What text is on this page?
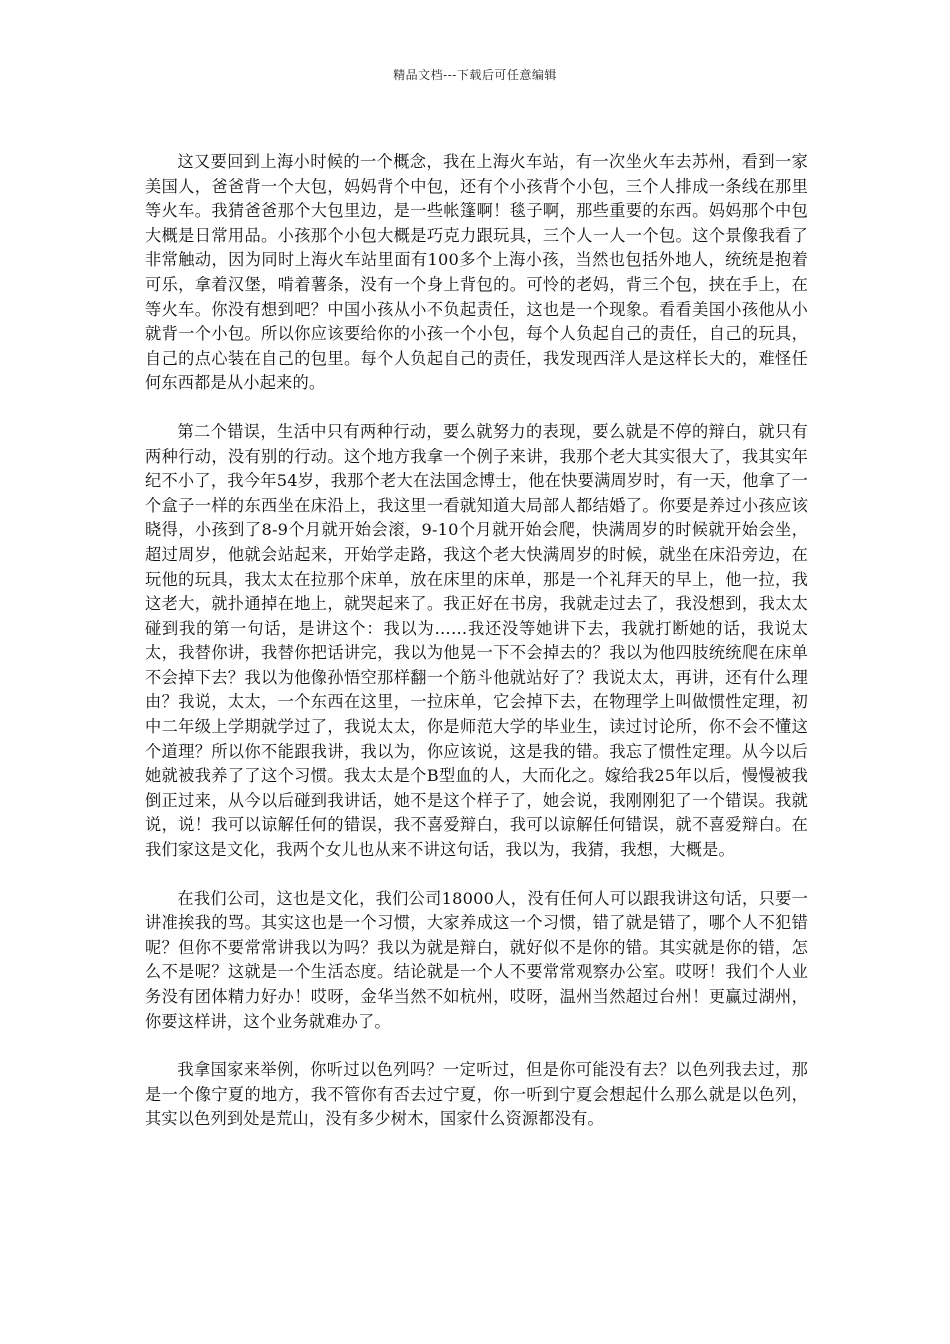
精品文档---下载后可任意编辑

这又要回到上海小时候的一个概念，我在上海火车站，有一次坐火车去苏州，看到一家美国人，爸爸背一个大包，妈妈背个中包，还有个小孩背个小包，三个人排成一条线在那里等火车。我猜爸爸那个大包里边，是一些帐篷啊！毯子啊，那些重要的东西。妈妈那个中包大概是日常用品。小孩那个小包大概是巧克力跟玩具，三个人一人一个包。这个景像我看了非常触动，因为同时上海火车站里面有100多个上海小孩，当然也包括外地人，统统是抱着可乐，拿着汉堡，啃着薯条，没有一个身上背包的。可怜的老妈，背三个包，挟在手上，在等火车。你没有想到吧？中国小孩从小不负起责任，这也是一个现象。看看美国小孩他从小就背一个小包。所以你应该要给你的小孩一个小包，每个人负起自己的责任，自己的玩具，自己的点心装在自己的包里。每个人负起自己的责任，我发现西洋人是这样长大的，难怪任何东西都是从小起来的。

第二个错误，生活中只有两种行动，要么就努力的表现，要么就是不停的辩白，就只有两种行动，没有别的行动。这个地方我拿一个例子来讲，我那个老大其实很大了，我其实年纪不小了，我今年54岁，我那个老大在法国念博士，他在快要满周岁时，有一天，他拿了一个盒子一样的东西坐在床沿上，我这里一看就知道大局部人都结婚了。你要是养过小孩应该晓得，小孩到了8-9个月就开始会滚，9-10个月就开始会爬，快满周岁的时候就开始会坐，超过周岁，他就会站起来，开始学走路，我这个老大快满周岁的时候，就坐在床沿旁边，在玩他的玩具，我太太在拉那个床单，放在床里的床单，那是一个礼拜天的早上，他一拉，我这老大，就扑通掉在地上，就哭起来了。我正好在书房，我就走过去了，我没想到，我太太碰到我的第一句话，是讲这个：我以为……我还没等她讲下去，我就打断她的话，我说太太，我替你讲，我替你把话讲完，我以为他晃一下不会掉去的？我以为他四肢统统爬在床单不会掉下去？我以为他像孙悟空那样翻一个筋斗他就站好了？我说太太，再讲，还有什么理由？我说，太太，一个东西在这里，一拉床单，它会掉下去，在物理学上叫做惯性定理，初中二年级上学期就学过了，我说太太，你是师范大学的毕业生，读过讨论所，你不会不懂这个道理？所以你不能跟我讲，我以为，你应该说，这是我的错。我忘了惯性定理。从今以后她就被我养了了这个习惯。我太太是个B型血的人，大而化之。嫁给我25年以后，慢慢被我倒正过来，从今以后碰到我讲话，她不是这个样子了，她会说，我刚刚犯了一个错误。我就说，说！我可以谅解任何的错误，我不喜爱辩白，我可以谅解任何错误，就不喜爱辩白。在我们家这是文化，我两个女儿也从来不讲这句话，我以为，我猜，我想，大概是。

在我们公司，这也是文化，我们公司18000人，没有任何人可以跟我讲这句话，只要一讲准挨我的骂。其实这也是一个习惯，大家养成这一个习惯，错了就是错了，哪个人不犯错呢？但你不要常常讲我以为吗？我以为就是辩白，就好似不是你的错。其实就是你的错，怎么不是呢？这就是一个生活态度。结论就是一个人不要常常观察办公室。哎呀！我们个人业务没有团体精力好办！哎呀，金华当然不如杭州，哎呀，温州当然超过台州！更赢过湖州，你要这样讲，这个业务就难办了。

我拿国家来举例，你听过以色列吗？一定听过，但是你可能没有去？以色列我去过，那是一个像宁夏的地方，我不管你有否去过宁夏，你一听到宁夏会想起什么那么就是以色列，其实以色列到处是荒山，没有多少树木，国家什么资源都没有。
